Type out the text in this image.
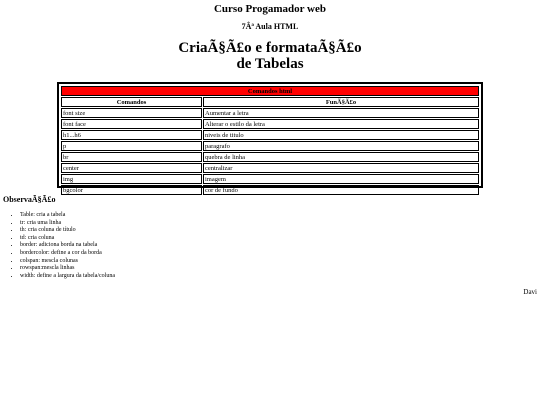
Curso Progamador web
7Âª Aula HTML
CriaÃ§Ã£o e formataÃ§Ã£o
de Tabelas
Comandos html	
Comandos	FunÃ§Ã£o
font size	Aumentar a letra
font face	Alterar o estilo da letra
h1...h6	niveis de titulo
p	paragrafo
br	quebra de linha
center	centralizar
img	imagem
bgcolor	cor de fundo
ObservaÃ§Ã£o
• Table: cria a tabela
• tr: cria uma linha
• th: cria coluna de título
• td: cria coluna
• border: adiciona borda na tabela
• bordercolor: define a cor da borda
• colspan: mescla colunas
• rowspan:mescla linhas
• width: define a largura da tabela/coluna
Davi
